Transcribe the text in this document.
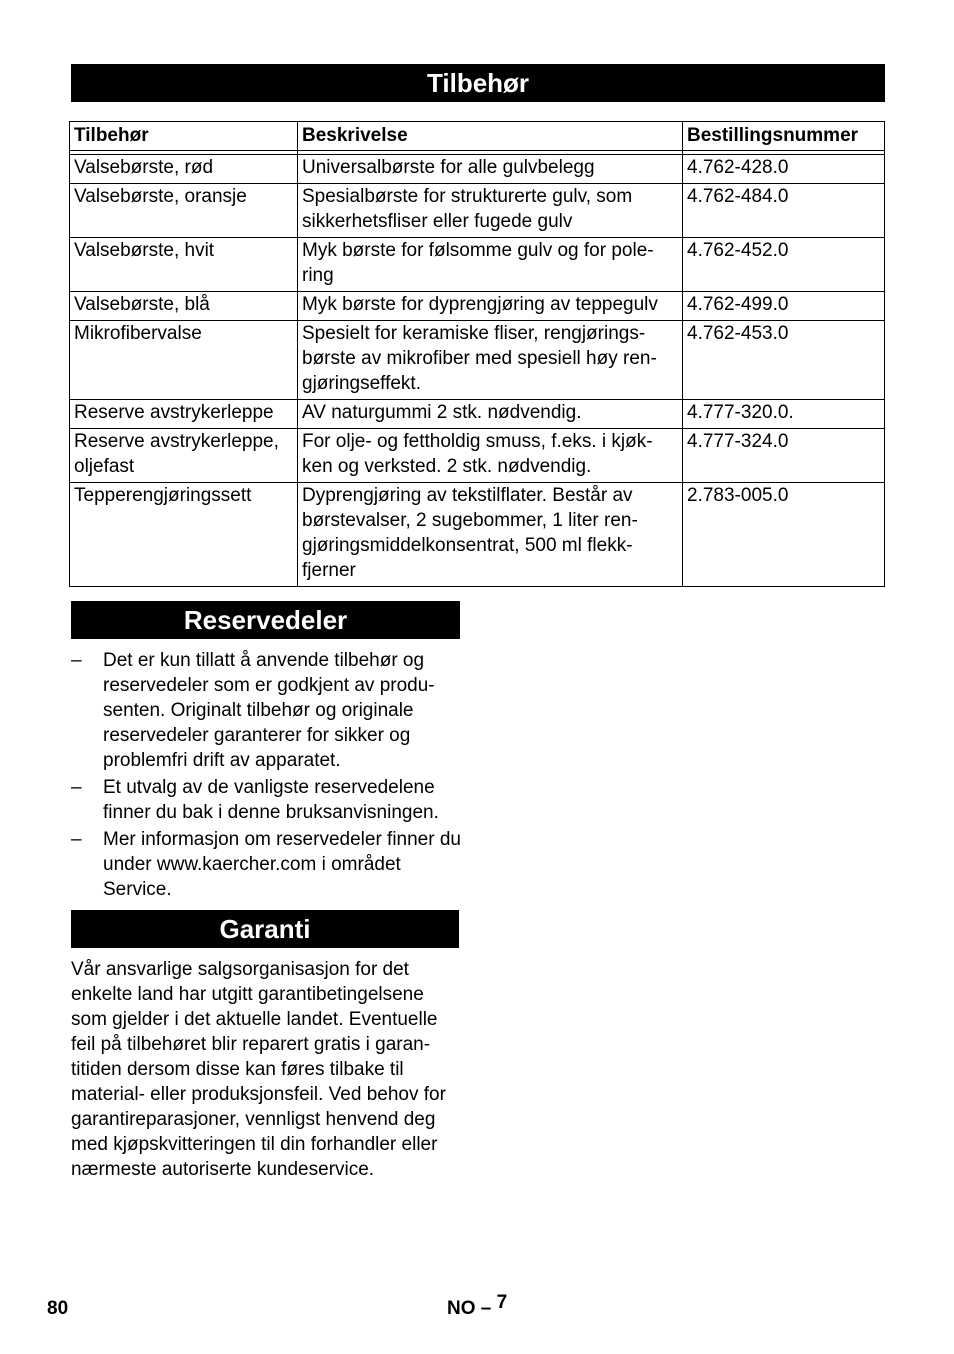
Tilbehør
Tilbehør	Beskrivelse	Bestillingsnummer

Valsebørste, rød	Universalbørste for alle gulvbelegg	4.762-428.0
Valsebørste, oransje	Spesialbørste for strukturerte gulv, som sikkerhetsfliser eller fugede gulv	4.762-484.0
Valsebørste, hvit	Myk børste for følsomme gulv og for pole-ring	4.762-452.0
Valsebørste, blå	Myk børste for dyprengjøring av teppegulv	4.762-499.0
Mikrofibervalse	Spesielt for keramiske fliser, rengjørings-børste av mikrofiber med spesiell høy ren-gjøringseffekt.	4.762-453.0
Reserve avstrykerleppe	AV naturgummi 2 stk. nødvendig.	4.777-320.0.
Reserve avstrykerleppe, oljefast	For olje- og fettholdig smuss, f.eks. i kjøk-ken og verksted. 2 stk. nødvendig.	4.777-324.0
Tepperengjøringssett	Dyprengjøring av tekstilflater. Består av børstevalser, 2 sugebommer, 1 liter ren-gjøringsmiddelkonsentrat, 500 ml flekk-fjerner	2.783-005.0
Reservedeler
– Det er kun tillatt å anvende tilbehør og reservedeler som er godkjent av produ-senten. Originalt tilbehør og originale reservedeler garanterer for sikker og problemfri drift av apparatet.
– Et utvalg av de vanligste reservedelene finner du bak i denne bruksanvisningen.
– Mer informasjon om reservedeler finner du under www.kaercher.com i området Service.
Garanti

Vår ansvarlige salgsorganisasjon for det enkelte land har utgitt garantibetingelsene som gjelder i det aktuelle landet. Eventuelle feil på tilbehøret blir reparert gratis i garan-titiden dersom disse kan føres tilbake til material- eller produksjonsfeil. Ved behov for garantireparasjoner, vennligst henvend deg med kjøpskvitteringen til din forhandler eller nærmeste autoriserte kundeservice.

80	NO – 7
